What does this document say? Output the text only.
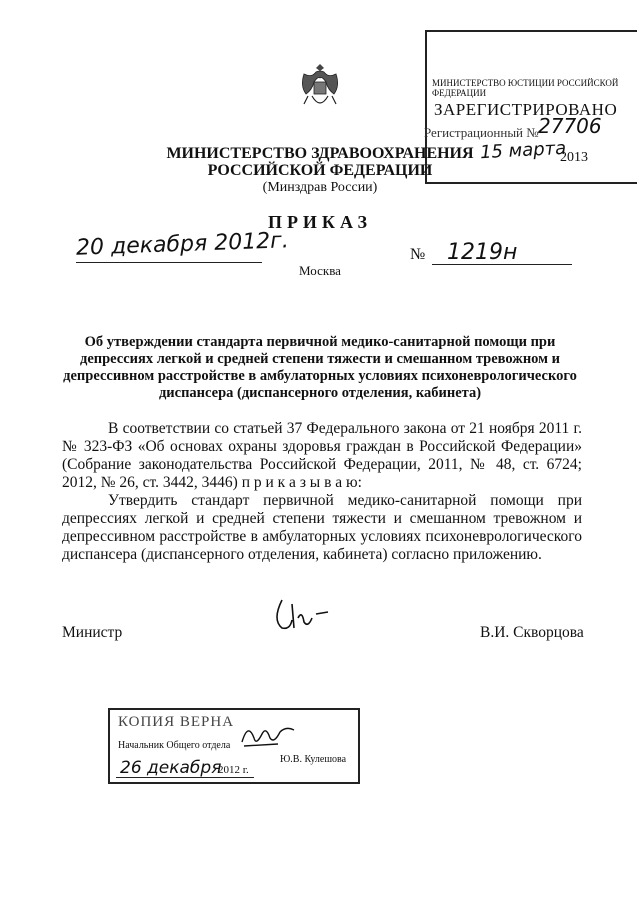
МИНИСТЕРСТВО ЮСТИЦИИ РОССИЙСКОЙ ФЕДЕРАЦИИ
ЗАРЕГИСТРИРОВАНО
Регистрационный № 27706
15 марта
2013
МИНИСТЕРСТВО ЗДРАВООХРАНЕНИЯ
РОССИЙСКОЙ ФЕДЕРАЦИИ
(Минздрав России)
ПРИКАЗ
20 декабря 2012г.	№ 1219н
Москва
Об утверждении стандарта первичной медико-санитарной помощи при депрессиях легкой и средней степени тяжести и смешанном тревожном и депрессивном расстройстве в амбулаторных условиях психоневрологического диспансера (диспансерного отделения, кабинета)
В соответствии со статьей 37 Федерального закона от 21 ноября 2011 г. № 323-ФЗ «Об основах охраны здоровья граждан в Российской Федерации» (Собрание законодательства Российской Федерации, 2011, № 48, ст. 6724; 2012, № 26, ст. 3442, 3446) п р и к а з ы в а ю:
Утвердить стандарт первичной медико-санитарной помощи при депрессиях легкой и средней степени тяжести и смешанном тревожном и депрессивном расстройстве в амбулаторных условиях психоневрологического диспансера (диспансерного отделения, кабинета) согласно приложению.
Министр	В.И. Скворцова
КОПИЯ ВЕРНА
Начальник Общего отдела
Ю.В. Кулешова
26 декабря
2012 г.
